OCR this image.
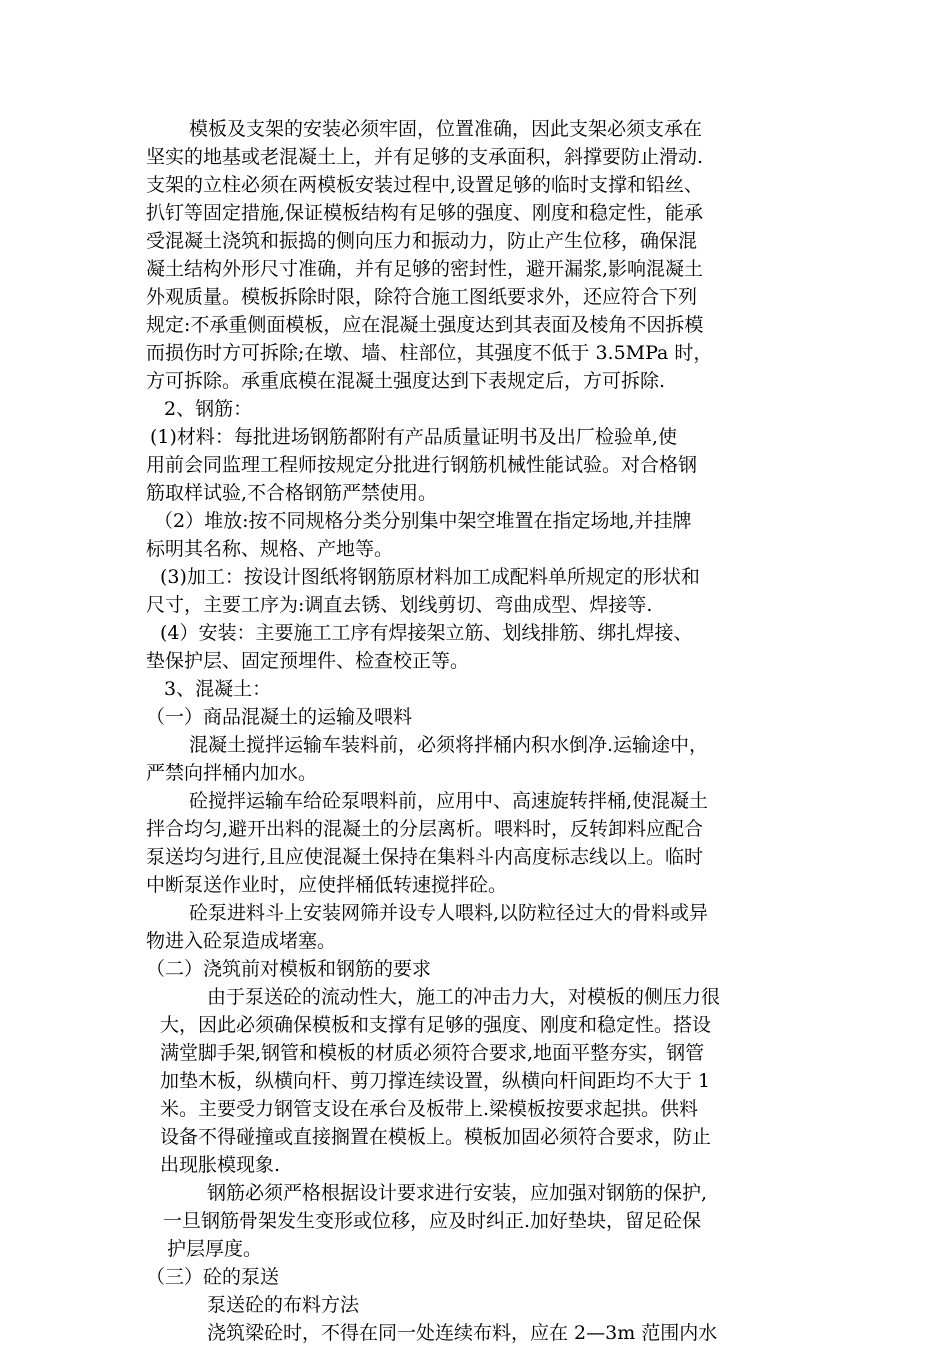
模板及支架的安装必须牢固，位置准确，因此支架必须支承在
坚实的地基或老混凝土上，并有足够的支承面积，斜撑要防止滑动.
支架的立柱必须在两模板安装过程中,设置足够的临时支撑和铅丝、
扒钉等固定措施,保证模板结构有足够的强度、刚度和稳定性，能承
受混凝土浇筑和振捣的侧向压力和振动力，防止产生位移，确保混
凝土结构外形尺寸准确，并有足够的密封性，避开漏浆,影响混凝土
外观质量。模板拆除时限，除符合施工图纸要求外，还应符合下列
规定:不承重侧面模板，应在混凝土强度达到其表面及棱角不因拆模
而损伤时方可拆除;在墩、墙、柱部位，其强度不低于 3.5MPa 时，
方可拆除。承重底模在混凝土强度达到下表规定后，方可拆除.
2、钢筋：
(1)材料：每批进场钢筋都附有产品质量证明书及出厂检验单,使
用前会同监理工程师按规定分批进行钢筋机械性能试验。对合格钢
筋取样试验,不合格钢筋严禁使用。
（2）堆放:按不同规格分类分别集中架空堆置在指定场地,并挂牌
标明其名称、规格、产地等。
(3)加工：按设计图纸将钢筋原材料加工成配料单所规定的形状和
尺寸，主要工序为:调直去锈、划线剪切、弯曲成型、焊接等.
(4）安装：主要施工工序有焊接架立筋、划线排筋、绑扎焊接、
垫保护层、固定预埋件、检查校正等。
3、混凝土：
（一）商品混凝土的运输及喂料
混凝土搅拌运输车装料前，必须将拌桶内积水倒净.运输途中，
严禁向拌桶内加水。
砼搅拌运输车给砼泵喂料前，应用中、高速旋转拌桶,使混凝土
拌合均匀,避开出料的混凝土的分层离析。喂料时，反转卸料应配合
泵送均匀进行,且应使混凝土保持在集料斗内高度标志线以上。临时
中断泵送作业时，应使拌桶低转速搅拌砼。
砼泵进料斗上安装网筛并设专人喂料,以防粒径过大的骨料或异
物进入砼泵造成堵塞。
（二）浇筑前对模板和钢筋的要求
由于泵送砼的流动性大，施工的冲击力大，对模板的侧压力很
大，因此必须确保模板和支撑有足够的强度、刚度和稳定性。搭设
满堂脚手架,钢管和模板的材质必须符合要求,地面平整夯实，钢管
加垫木板，纵横向杆、剪刀撑连续设置，纵横向杆间距均不大于 1
米。主要受力钢管支设在承台及板带上.梁模板按要求起拱。供料
设备不得碰撞或直接搁置在模板上。模板加固必须符合要求，防止
出现胀模现象.
钢筋必须严格根据设计要求进行安装，应加强对钢筋的保护,
一旦钢筋骨架发生变形或位移，应及时纠正.加好垫块，留足砼保
护层厚度。
（三）砼的泵送
泵送砼的布料方法
浇筑梁砼时，不得在同一处连续布料，应在 2—3m 范围内水
